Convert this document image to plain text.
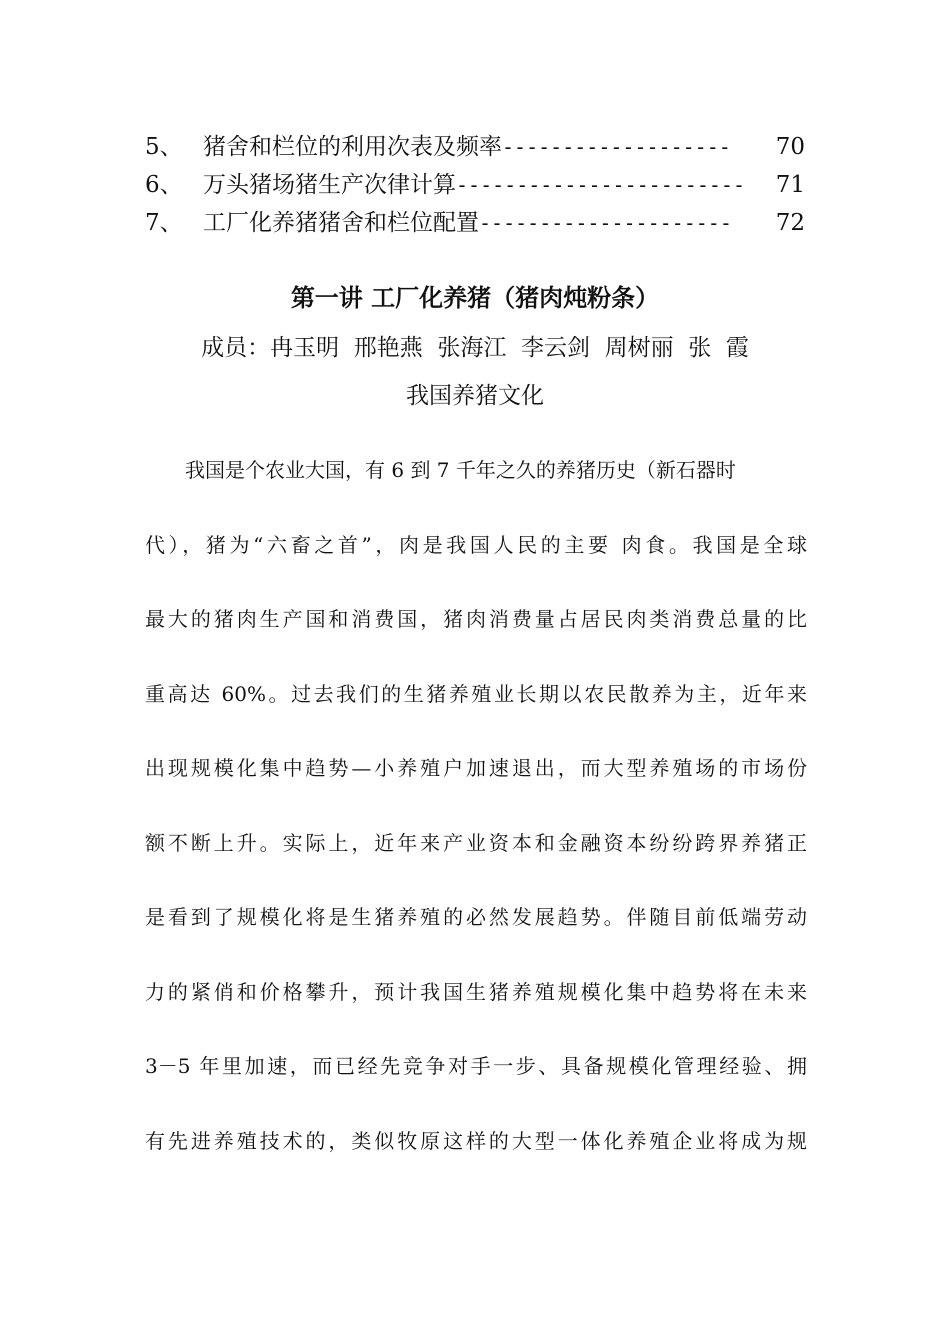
5、 猪舍和栏位的利用次表及频率 -------------------	70
6、 万头猪场猪生产次律计算 ------------------------	71
7、 工厂化养猪猪舍和栏位配置 ---------------------	72
第一讲 工厂化养猪（猪肉炖粉条）
成员：冉玉明  邢艳燕  张海江  李云剑  周树丽  张  霞
我国养猪文化
我国是个农业大国，有 6 到 7 千年之久的养猪历史（新石器时
代），猪为“六畜之首”，肉是我国人民的主要 肉食。我国是全球
最大的猪肉生产国和消费国，猪肉消费量占居民肉类消费总量的比
重高达 60%。过去我们的生猪养殖业长期以农民散养为主，近年来
出现规模化集中趋势—小养殖户加速退出，而大型养殖场的市场份
额不断上升。实际上，近年来产业资本和金融资本纷纷跨界养猪正
是看到了规模化将是生猪养殖的必然发展趋势。伴随目前低端劳动
力的紧俏和价格攀升，预计我国生猪养殖规模化集中趋势将在未来
3－5 年里加速，而已经先竞争对手一步、具备规模化管理经验、拥
有先进养殖技术的，类似牧原这样的大型一体化养殖企业将成为规
